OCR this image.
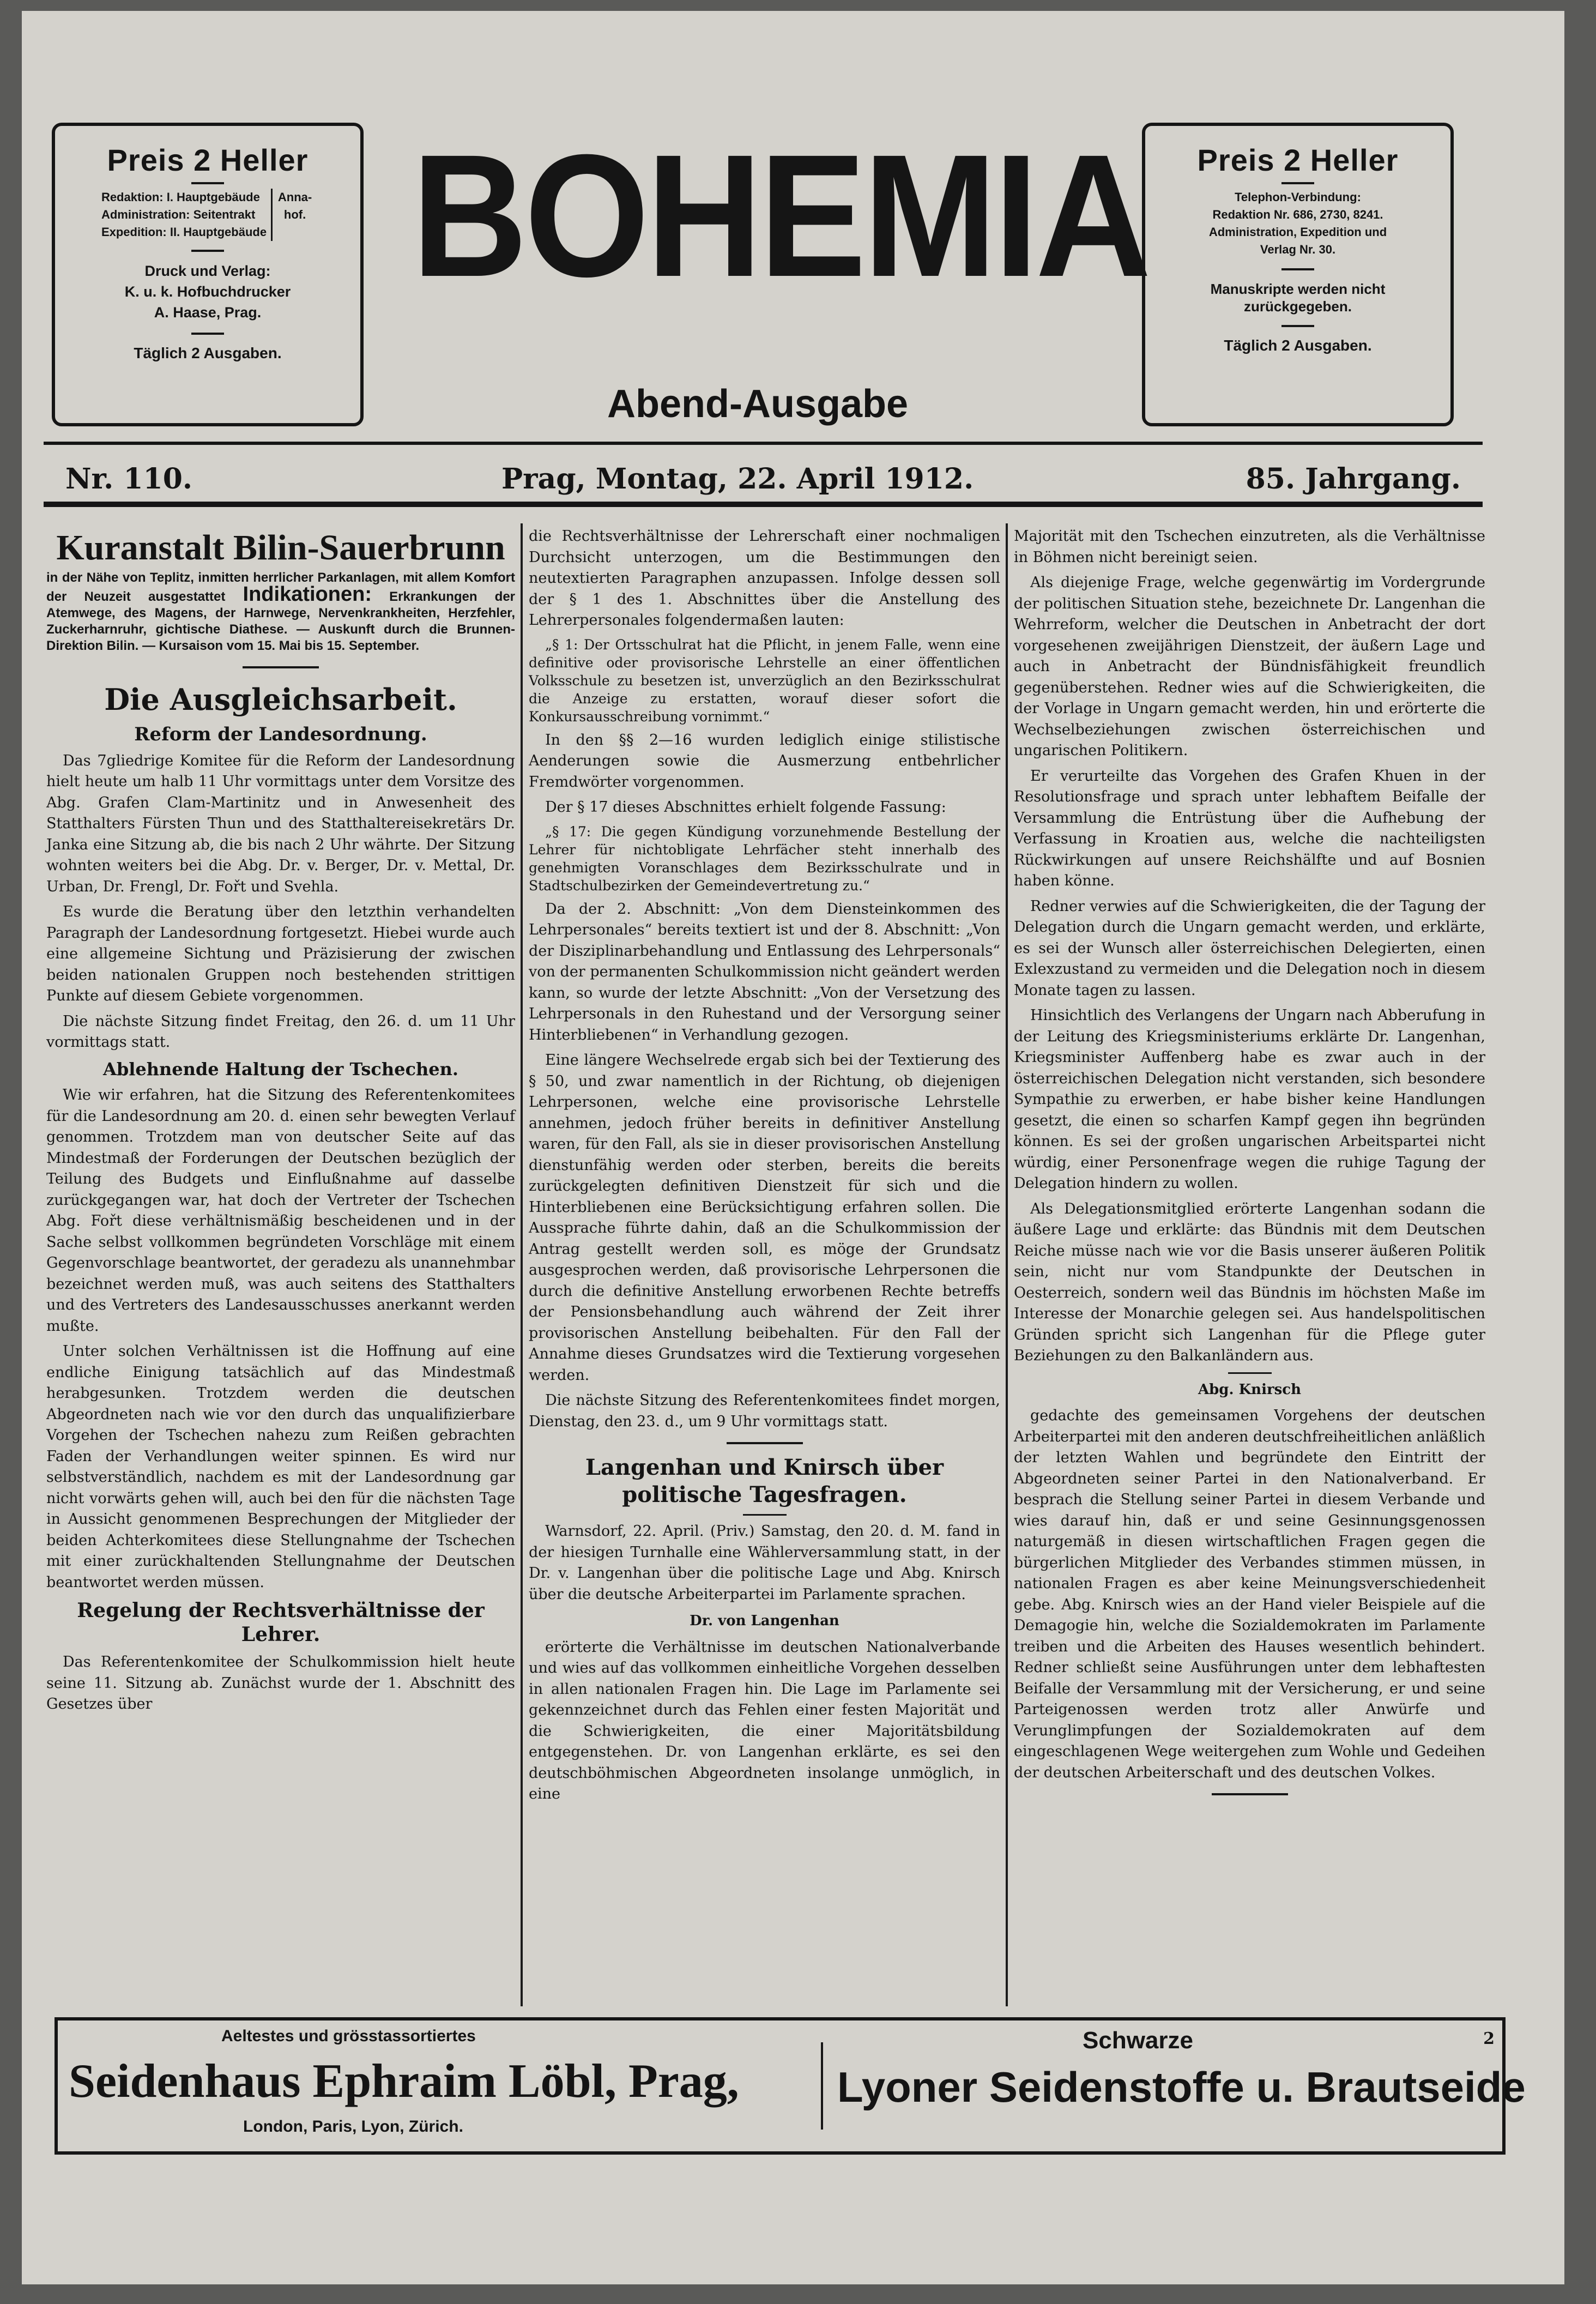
Preis 2 Heller
Redaktion: I. Hauptgebäude
Administration: Seitentrakt
Expedition: II. Hauptgebäude
Anna-hof.
Druck und Verlag:
K. u. k. Hofbuchdrucker
A. Haase, Prag.
Täglich 2 Ausgaben.
BOHEMIA
Abend-Ausgabe
Preis 2 Heller
Telephon-Verbindung:
Redaktion Nr. 686, 2730, 8241.
Administration, Expedition und
Verlag Nr. 30.
Manuskripte werden nicht
zurückgegeben.
Täglich 2 Ausgaben.
Nr. 110.	Prag, Montag, 22. April 1912.	85. Jahrgang.
Kuranstalt Bilin-Sauerbrunn
in der Nähe von Teplitz, inmitten herrlicher Parkanlagen, mit allem Komfort der Neuzeit ausgestattet Indikationen: Erkrankungen der Atemwege, des Magens, der Harnwege, Nervenkrankheiten, Herzfehler, Zuckerharnruhr, gichtische Diathese. — Auskunft durch die Brunnen-Direktion Bilin. — Kursaison vom 15. Mai bis 15. September.
Die Ausgleichsarbeit.
Reform der Landesordnung.

Das 7gliedrige Komitee für die Reform der Landesordnung hielt heute um halb 11 Uhr vormittags unter dem Vorsitze des Abg. Grafen Clam-Martinitz und in Anwesenheit des Statthalters Fürsten Thun und des Statthaltereisekretärs Dr. Janka eine Sitzung ab, die bis nach 2 Uhr währte. Der Sitzung wohnten weiters bei die Abg. Dr. v. Berger, Dr. v. Mettal, Dr. Urban, Dr. Frengl, Dr. Fořt und Svehla.

Es wurde die Beratung über den letzthin verhandelten Paragraph der Landesordnung fortgesetzt. Hiebei wurde auch eine allgemeine Sichtung und Präzisierung der zwischen beiden nationalen Gruppen noch bestehenden strittigen Punkte auf diesem Gebiete vorgenommen.

Die nächste Sitzung findet Freitag, den 26. d. um 11 Uhr vormittags statt.

Ablehnende Haltung der Tschechen.

Wie wir erfahren, hat die Sitzung des Referentenkomitees für die Landesordnung am 20. d. einen sehr bewegten Verlauf genommen. Trotzdem man von deutscher Seite auf das Mindestmaß der Forderungen der Deutschen bezüglich der Teilung des Budgets und Einflußnahme auf dasselbe zurückgegangen war, hat doch der Vertreter der Tschechen Abg. Fořt diese verhältnismäßig bescheidenen und in der Sache selbst vollkommen begründeten Vorschläge mit einem Gegenvorschlage beantwortet, der geradezu als unannehmbar bezeichnet werden muß, was auch seitens des Statthalters und des Vertreters des Landesausschusses anerkannt werden mußte.

Unter solchen Verhältnissen ist die Hoffnung auf eine endliche Einigung tatsächlich auf das Mindestmaß herabgesunken. Trotzdem werden die deutschen Abgeordneten nach wie vor den durch das unqualifizierbare Vorgehen der Tschechen nahezu zum Reißen gebrachten Faden der Verhandlungen weiter spinnen. Es wird nur selbstverständlich, nachdem es mit der Landesordnung gar nicht vorwärts gehen will, auch bei den für die nächsten Tage in Aussicht genommenen Besprechungen der Mitglieder der beiden Achterkomitees diese Stellungnahme der Tschechen mit einer zurückhaltenden Stellungnahme der Deutschen beantwortet werden müssen.

Regelung der Rechtsverhältnisse der Lehrer.

Das Referentenkomitee der Schulkommission hielt heute seine 11. Sitzung ab. Zunächst wurde der 1. Abschnitt des Gesetzes über

die Rechtsverhältnisse der Lehrerschaft einer nochmaligen Durchsicht unterzogen, um die Bestimmungen den neutextierten Paragraphen anzupassen. Infolge dessen soll der § 1 des 1. Abschnittes über die Anstellung des Lehrerpersonales folgendermaßen lauten:

„§ 1: Der Ortsschulrat hat die Pflicht, in jenem Falle, wenn eine definitive oder provisorische Lehrstelle an einer öffentlichen Volksschule zu besetzen ist, unverzüglich an den Bezirksschulrat die Anzeige zu erstatten, worauf dieser sofort die Konkursausschreibung vornimmt.“

In den §§ 2—16 wurden lediglich einige stilistische Aenderungen sowie die Ausmerzung entbehrlicher Fremdwörter vorgenommen.

Der § 17 dieses Abschnittes erhielt folgende Fassung:

„§ 17: Die gegen Kündigung vorzunehmende Bestellung der Lehrer für nichtobligate Lehrfächer steht innerhalb des genehmigten Voranschlages dem Bezirksschulrate und in Stadtschulbezirken der Gemeindevertretung zu.“

Da der 2. Abschnitt: „Von dem Diensteinkommen des Lehrpersonales“ bereits textiert ist und der 8. Abschnitt: „Von der Disziplinarbehandlung und Entlassung des Lehrpersonals“ von der permanenten Schulkommission nicht geändert werden kann, so wurde der letzte Abschnitt: „Von der Versetzung des Lehrpersonals in den Ruhestand und der Versorgung seiner Hinterbliebenen“ in Verhandlung gezogen.

Eine längere Wechselrede ergab sich bei der Textierung des § 50, und zwar namentlich in der Richtung, ob diejenigen Lehrpersonen, welche eine provisorische Lehrstelle annehmen, jedoch früher bereits in definitiver Anstellung waren, für den Fall, als sie in dieser provisorischen Anstellung dienstunfähig werden oder sterben, bereits die bereits zurückgelegten definitiven Dienstzeit für sich und die Hinterbliebenen eine Berücksichtigung erfahren sollen. Die Aussprache führte dahin, daß an die Schulkommission der Antrag gestellt werden soll, es möge der Grundsatz ausgesprochen werden, daß provisorische Lehrpersonen die durch die definitive Anstellung erworbenen Rechte betreffs der Pensionsbehandlung auch während der Zeit ihrer provisorischen Anstellung beibehalten. Für den Fall der Annahme dieses Grundsatzes wird die Textierung vorgesehen werden.

Die nächste Sitzung des Referentenkomitees findet morgen, Dienstag, den 23. d., um 9 Uhr vormittags statt.

Langenhan und Knirsch über politische Tagesfragen.

Warnsdorf, 22. April. (Priv.) Samstag, den 20. d. M. fand in der hiesigen Turnhalle eine Wählerversammlung statt, in der Dr. v. Langenhan über die politische Lage und Abg. Knirsch über die deutsche Arbeiterpartei im Parlamente sprachen.

Dr. von Langenhan

erörterte die Verhältnisse im deutschen Nationalverbande und wies auf das vollkommen einheitliche Vorgehen desselben in allen nationalen Fragen hin. Die Lage im Parlamente sei gekennzeichnet durch das Fehlen einer festen Majorität und die Schwierigkeiten, die einer Majoritätsbildung entgegenstehen. Dr. von Langenhan erklärte, es sei den deutschböhmischen Abgeordneten insolange unmöglich, in eine

Majorität mit den Tschechen einzutreten, als die Verhältnisse in Böhmen nicht bereinigt seien.

Als diejenige Frage, welche gegenwärtig im Vordergrunde der politischen Situation stehe, bezeichnete Dr. Langenhan die Wehrreform, welcher die Deutschen in Anbetracht der dort vorgesehenen zweijährigen Dienstzeit, der äußern Lage und auch in Anbetracht der Bündnisfähigkeit freundlich gegenüberstehen. Redner wies auf die Schwierigkeiten, die der Vorlage in Ungarn gemacht werden, hin und erörterte die Wechselbeziehungen zwischen österreichischen und ungarischen Politikern.

Er verurteilte das Vorgehen des Grafen Khuen in der Resolutionsfrage und sprach unter lebhaftem Beifalle der Versammlung die Entrüstung über die Aufhebung der Verfassung in Kroatien aus, welche die nachteiligsten Rückwirkungen auf unsere Reichshälfte und auf Bosnien haben könne.

Redner verwies auf die Schwierigkeiten, die der Tagung der Delegation durch die Ungarn gemacht werden, und erklärte, es sei der Wunsch aller österreichischen Delegierten, einen Exlexzustand zu vermeiden und die Delegation noch in diesem Monate tagen zu lassen.

Hinsichtlich des Verlangens der Ungarn nach Abberufung in der Leitung des Kriegsministeriums erklärte Dr. Langenhan, Kriegsminister Auffenberg habe es zwar auch in der österreichischen Delegation nicht verstanden, sich besondere Sympathie zu erwerben, er habe bisher keine Handlungen gesetzt, die einen so scharfen Kampf gegen ihn begründen können. Es sei der großen ungarischen Arbeitspartei nicht würdig, einer Personenfrage wegen die ruhige Tagung der Delegation hindern zu wollen.

Als Delegationsmitglied erörterte Langenhan sodann die äußere Lage und erklärte: das Bündnis mit dem Deutschen Reiche müsse nach wie vor die Basis unserer äußeren Politik sein, nicht nur vom Standpunkte der Deutschen in Oesterreich, sondern weil das Bündnis im höchsten Maße im Interesse der Monarchie gelegen sei. Aus handelspolitischen Gründen spricht sich Langenhan für die Pflege guter Beziehungen zu den Balkanländern aus.

Abg. Knirsch

gedachte des gemeinsamen Vorgehens der deutschen Arbeiterpartei mit den anderen deutschfreiheitlichen anläßlich der letzten Wahlen und begründete den Eintritt der Abgeordneten seiner Partei in den Nationalverband. Er besprach die Stellung seiner Partei in diesem Verbande und wies darauf hin, daß er und seine Gesinnungsgenossen naturgemäß in diesen wirtschaftlichen Fragen gegen die bürgerlichen Mitglieder des Verbandes stimmen müssen, in nationalen Fragen es aber keine Meinungsverschiedenheit gebe. Abg. Knirsch wies an der Hand vieler Beispiele auf die Demagogie hin, welche die Sozialdemokraten im Parlamente treiben und die Arbeiten des Hauses wesentlich behindert. Redner schließt seine Ausführungen unter dem lebhaftesten Beifalle der Versammlung mit der Versicherung, er und seine Parteigenossen werden trotz aller Anwürfe und Verunglimpfungen der Sozialdemokraten auf dem eingeschlagenen Wege weitergehen zum Wohle und Gedeihen der deutschen Arbeiterschaft und des deutschen Volkes.

Aeltestes und grösstassortiertes
Seidenhaus Ephraim Löbl, Prag,
London, Paris, Lyon, Zürich.
Schwarze
Lyoner Seidenstoffe u. Brautseide
2
